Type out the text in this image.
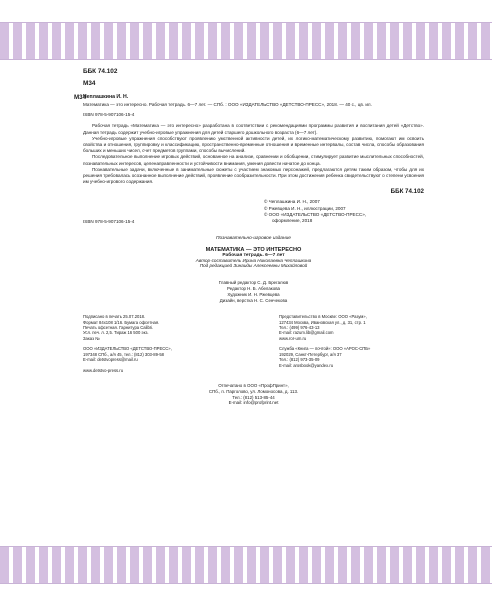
ББК 74.102

М34

М34

Чеплашкина И. Н.

Математика — это интересно. Рабочая тетрадь. 6—7 лет. — СПб. : ООО «ИЗДАТЕЛЬСТВО «ДЕТСТВО-ПРЕСС», 2018. — 40 с., цв. ил.

ISBN 978-5-907106-15-4

Рабочая тетрадь «Математика — это интересно» разработана в соответствии с рекомендациями программы развития и воспитания детей «Детство». Данная тетрадь содержит учебно-игровые упражнения для детей старшего дошкольного возраста (6—7 лет).

Учебно-игровые упражнения способствуют проявлению умственной активности детей, их логико-математическому развитию, помогают им освоить свойства и отношения, группировку и классификацию, пространственно-временные отношения и временные интервалы, состав числа, способы образования больших и меньших чисел, счет предметов группами, способы вычислений.

Последовательное выполнение игровых действий, основанное на анализе, сравнении и обобщении, стимулирует развитие мыслительных способностей, познавательных интересов, целенаправленности и устойчивости внимания, умения довести начатое до конца.

Познавательные задачи, включенные в занимательные сюжеты с участием знакомых персонажей, предлагаются детям таким образом, чтобы для их решения требовалась осознанное выполнение действий, проявление сообразительности. При этом достижения ребенка свидетельствуют о степени усвоения им учебно-игрового содержания.

ББК 74.102

ISBN 978-5-907106-15-4

© Чеплашкина И. Н., 2007

© Ржевцева И. Н., иллюстрации, 2007

© ООО «ИЗДАТЕЛЬСТВО «ДЕТСТВО-ПРЕСС»,

оформление, 2018

Познавательно-игровое издание
МАТЕМАТИКА — ЭТО ИНТЕРЕСНО
Рабочая тетрадь. 6—7 лет
Автор-составитель Ирина Николаевна Чеплашкина
Под редакцией Зинаиды Алексеевны Михайловой
Главный редактор С. Д. Брегалюв
Редактор Н. Б. Абелакова
Художник И. Н. Ржевцева
Дизайн, верстка Н. С. Сенчекова
Подписано в печать 25.07.2018.
Формат 84х108 1/16. Бумага офсетная.
Печать офсетная. Гарнитура Calibri.
Усл. печ. л. 2,5. Тираж 16 500 экз.
Заказ №
ООО «ИЗДАТЕЛЬСТВО «ДЕТСТВО-ПРЕСС»,
197348 СПб., а/я 45, тел.: (812) 303-89-58
E-mail: detstvopress@mail.ru
www.detstvo-press.ru
Представительство в Москве: ООО «Разум»,
127434 Москва, Ивановская ул., д. 31, стр. 1
Тел.: (499) 976-43-13
E-mail: razum.lib@gmail.com
www.ror-um.ru
Служба «Книга — почтой»: ООО «АРОС-СПБ»
192029, Санкт-Петербург, а/я 37
Тел.: (812) 973-35-09
E-mail: arosbook@yandex.ru
Отпечатано в ООО «ПрофПринт»,
СПб., п. Парголово, ул. Ломоносова, д. 113.
Тел.: (812) 513-85-44
E-mail: info@profprint.net
